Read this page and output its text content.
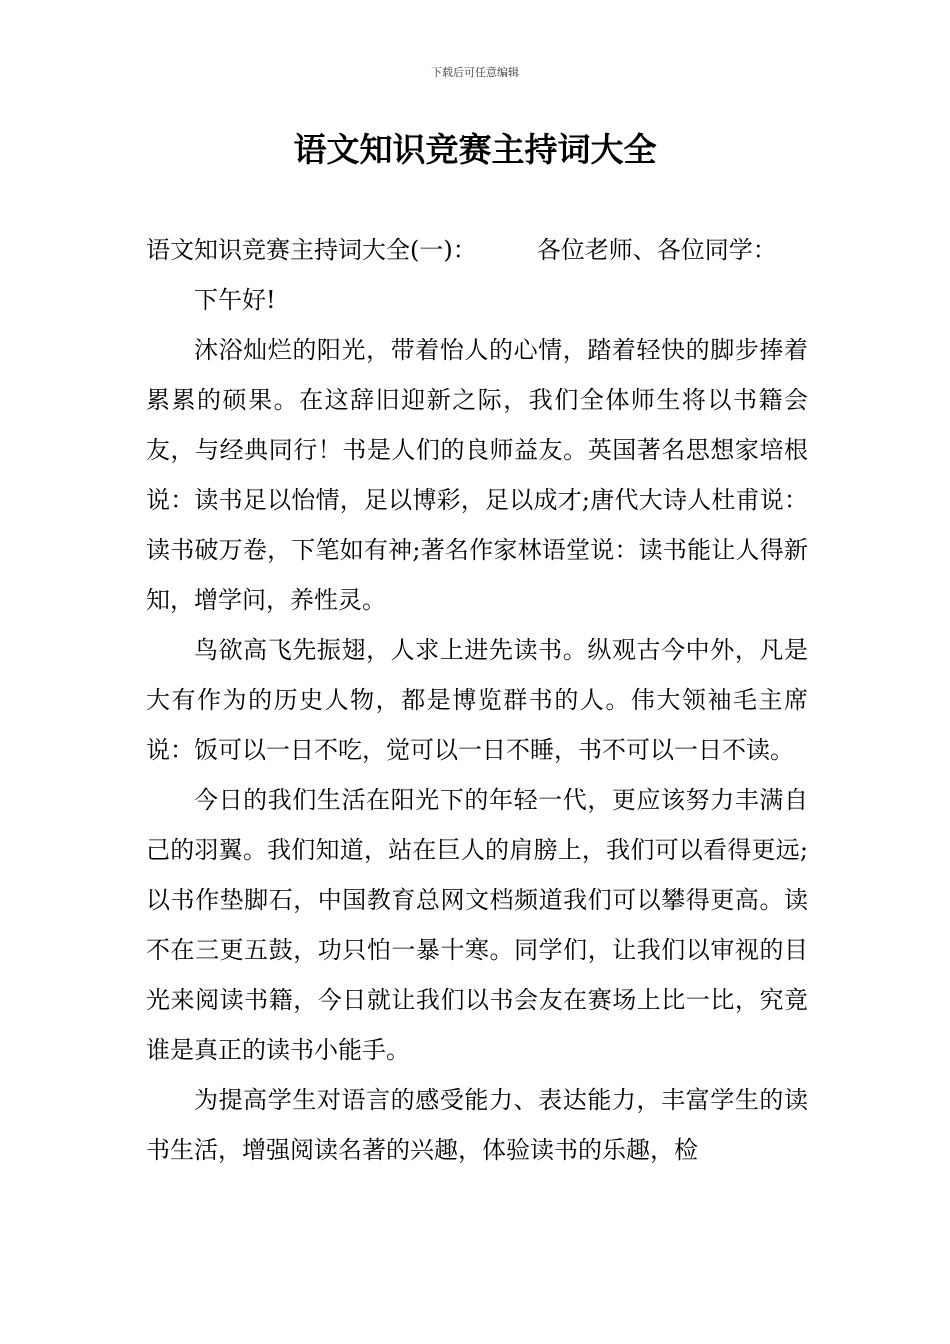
下载后可任意编辑
语文知识竞赛主持词大全

语文知识竞赛主持词大全(一)：	各位老师、各位同学：

下午好!

沐浴灿烂的阳光，带着怡人的心情，踏着轻快的脚步捧着累累的硕果。在这辞旧迎新之际，我们全体师生将以书籍会友，与经典同行！书是人们的良师益友。英国著名思想家培根说：读书足以怡情，足以博彩，足以成才;唐代大诗人杜甫说：读书破万卷，下笔如有神;著名作家林语堂说：读书能让人得新知，增学问，养性灵。

鸟欲高飞先振翅，人求上进先读书。纵观古今中外，凡是大有作为的历史人物，都是博览群书的人。伟大领袖毛主席说：饭可以一日不吃，觉可以一日不睡，书不可以一日不读。

今日的我们生活在阳光下的年轻一代，更应该努力丰满自己的羽翼。我们知道，站在巨人的肩膀上，我们可以看得更远;以书作垫脚石，中国教育总网文档频道我们可以攀得更高。读不在三更五鼓，功只怕一暴十寒。同学们，让我们以审视的目光来阅读书籍，今日就让我们以书会友在赛场上比一比，究竟谁是真正的读书小能手。

为提高学生对语言的感受能力、表达能力，丰富学生的读书生活，增强阅读名著的兴趣，体验读书的乐趣，检
